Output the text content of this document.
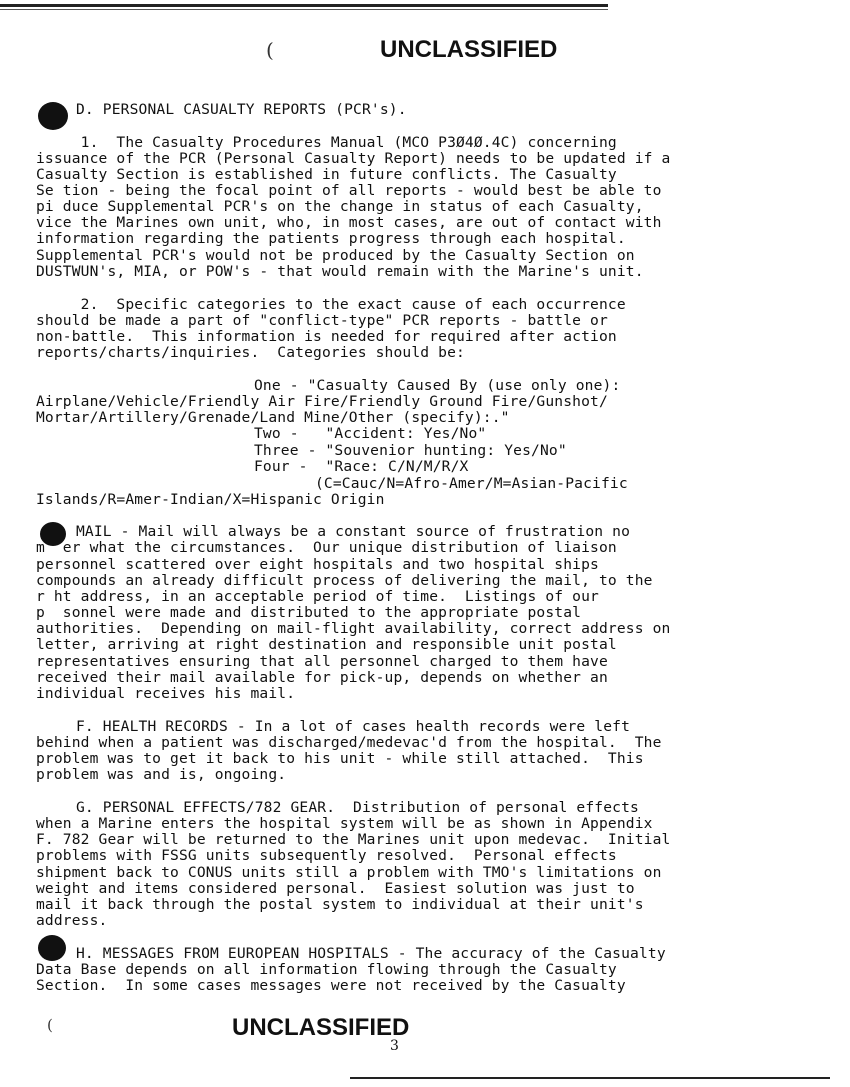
(	UNCLASSIFIED
D. PERSONAL CASUALTY REPORTS (PCR's).
1.  The Casualty Procedures Manual (MCO P3Ø4Ø.4C) concerning
issuance of the PCR (Personal Casualty Report) needs to be updated if a
Casualty Section is established in future conflicts. The Casualty
Se tion - being the focal point of all reports - would best be able to
pi duce Supplemental PCR's on the change in status of each Casualty,
vice the Marines own unit, who, in most cases, are out of contact with
information regarding the patients progress through each hospital.
Supplemental PCR's would not be produced by the Casualty Section on
DUSTWUN's, MIA, or POW's - that would remain with the Marine's unit.
2.  Specific categories to the exact cause of each occurrence
should be made a part of "conflict-type" PCR reports - battle or
non-battle.  This information is needed for required after action
reports/charts/inquiries.  Categories should be:
One - "Casualty Caused By (use only one):
Airplane/Vehicle/Friendly Air Fire/Friendly Ground Fire/Gunshot/
Mortar/Artillery/Grenade/Land Mine/Other (specify):."
Two -   "Accident: Yes/No"
Three - "Souvenior hunting: Yes/No"
Four -  "Race: C/N/M/R/X
(C=Cauc/N=Afro-Amer/M=Asian-Pacific
Islands/R=Amer-Indian/X=Hispanic Origin
MAIL - Mail will always be a constant source of frustration no
m  er what the circumstances.  Our unique distribution of liaison
personnel scattered over eight hospitals and two hospital ships
compounds an already difficult process of delivering the mail, to the
r ht address, in an acceptable period of time.  Listings of our
p  sonnel were made and distributed to the appropriate postal
authorities.  Depending on mail-flight availability, correct address on
letter, arriving at right destination and responsible unit postal
representatives ensuring that all personnel charged to them have
received their mail available for pick-up, depends on whether an
individual receives his mail.
F. HEALTH RECORDS - In a lot of cases health records were left
behind when a patient was discharged/medevac'd from the hospital.  The
problem was to get it back to his unit - while still attached.  This
problem was and is, ongoing.
G. PERSONAL EFFECTS/782 GEAR.  Distribution of personal effects
when a Marine enters the hospital system will be as shown in Appendix
F. 782 Gear will be returned to the Marines unit upon medevac.  Initial
problems with FSSG units subsequently resolved.  Personal effects
shipment back to CONUS units still a problem with TMO's limitations on
weight and items considered personal.  Easiest solution was just to
mail it back through the postal system to individual at their unit's
address.
H. MESSAGES FROM EUROPEAN HOSPITALS - The accuracy of the Casualty
Data Base depends on all information flowing through the Casualty
Section.  In some cases messages were not received by the Casualty
(	UNCLASSIFIED
3
